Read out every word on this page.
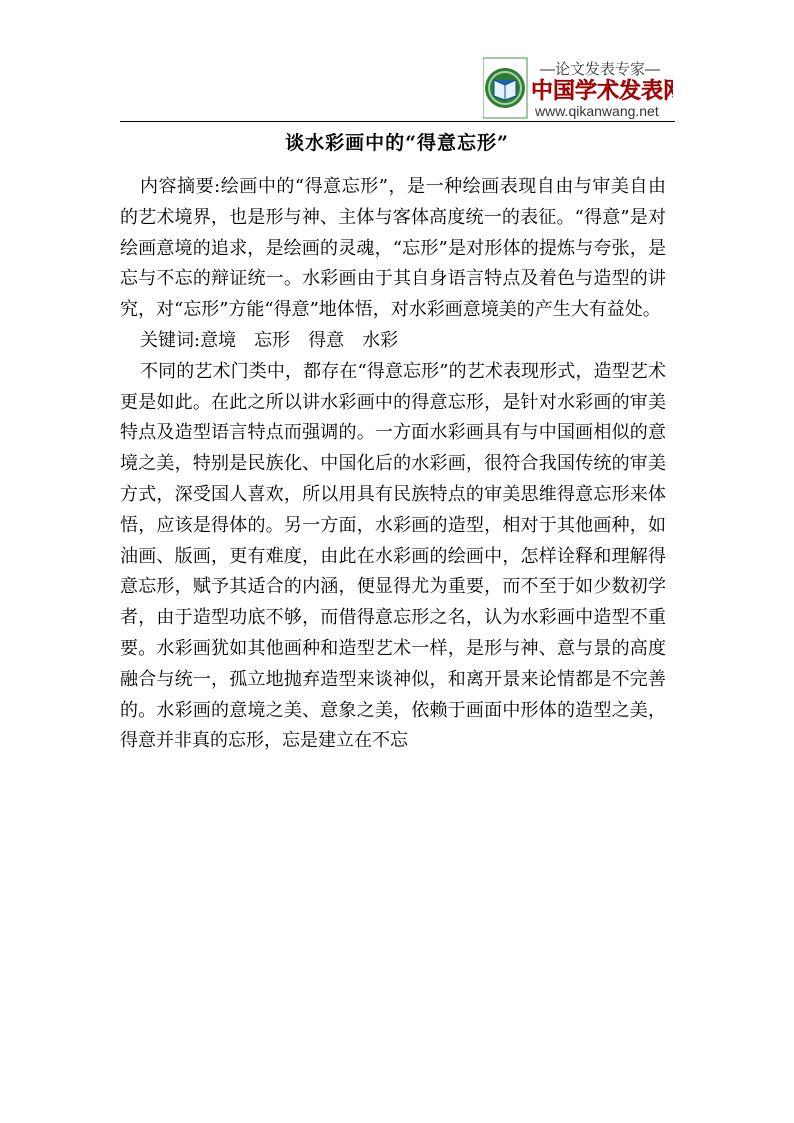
—论文发表专家—
中国学术发表网
www.qikanwang.net
谈水彩画中的“得意忘形”

内容摘要:绘画中的“得意忘形”，是一种绘画表现自由与审美自由的艺术境界，也是形与神、主体与客体高度统一的表征。“得意”是对绘画意境的追求，是绘画的灵魂，“忘形”是对形体的提炼与夸张，是忘与不忘的辩证统一。水彩画由于其自身语言特点及着色与造型的讲究，对“忘形”方能“得意”地体悟，对水彩画意境美的产生大有益处。

关键词:意境　忘形　得意　水彩

不同的艺术门类中，都存在“得意忘形”的艺术表现形式，造型艺术更是如此。在此之所以讲水彩画中的得意忘形，是针对水彩画的审美特点及造型语言特点而强调的。一方面水彩画具有与中国画相似的意境之美，特别是民族化、中国化后的水彩画，很符合我国传统的审美方式，深受国人喜欢，所以用具有民族特点的审美思维得意忘形来体悟，应该是得体的。另一方面，水彩画的造型，相对于其他画种，如油画、版画，更有难度，由此在水彩画的绘画中，怎样诠释和理解得意忘形，赋予其适合的内涵，便显得尤为重要，而不至于如少数初学者，由于造型功底不够，而借得意忘形之名，认为水彩画中造型不重要。水彩画犹如其他画种和造型艺术一样，是形与神、意与景的高度融合与统一，孤立地抛弃造型来谈神似，和离开景来论情都是不完善的。水彩画的意境之美、意象之美，依赖于画面中形体的造型之美，得意并非真的忘形，忘是建立在不忘
